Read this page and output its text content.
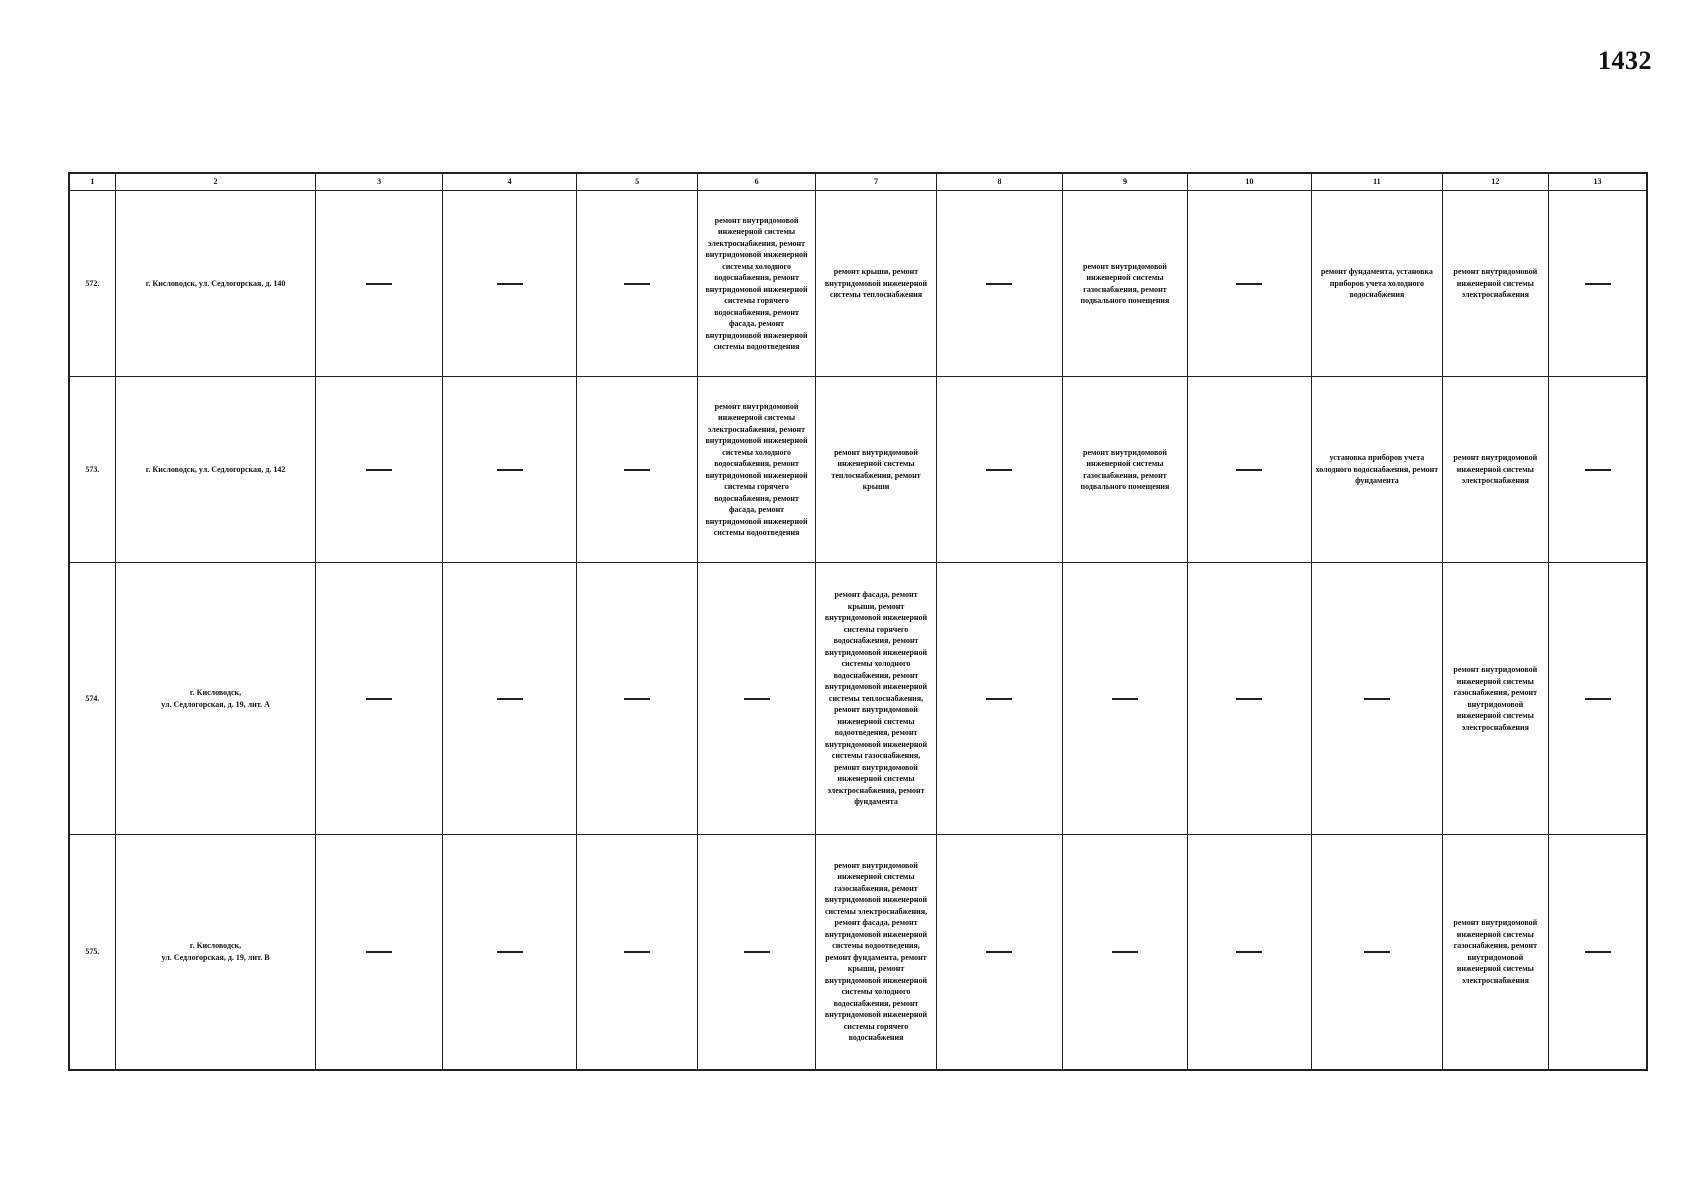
1432
1	2	3	4	5	6	7	8	9	10	11	12	13
572.	г. Кисловодск, ул. Седлогорская, д. 140				ремонт внутридомовой инженерной системы электроснабжения, ремонт внутридомовой инженерной системы холодного водоснабжения, ремонт внутридомовой инженерной системы горячего водоснабжения, ремонт фасада, ремонт внутридомовой инженерной системы водоотведения	ремонт крыши, ремонт внутридомовой инженерной системы теплоснабжения		ремонт внутридомовой инженерной системы газоснабжения, ремонт подвального помещения		ремонт фундамента, установка приборов учета холодного водоснабжения	ремонт внутридомовой инженерной системы электроснабжения	
573.	г. Кисловодск, ул. Седлогорская, д. 142				ремонт внутридомовой инженерной системы электроснабжения, ремонт внутридомовой инженерной системы холодного водоснабжения, ремонт внутридомовой инженерной системы горячего водоснабжения, ремонт фасада, ремонт внутридомовой инженерной системы водоотведения	ремонт внутридомовой инженерной системы теплоснабжения, ремонт крыши		ремонт внутридомовой инженерной системы газоснабжения, ремонт подвального помещения		установка приборов учета холодного водоснабжения, ремонт фундамента	ремонт внутридомовой инженерной системы электроснабжения	
574.	г. Кисловодск,
ул. Седлогорская, д. 19, лит. А					ремонт фасада, ремонт крыши, ремонт внутридомовой инженерной системы горячего водоснабжения, ремонт внутридомовой инженерной системы холодного водоснабжения, ремонт внутридомовой инженерной системы теплоснабжения, ремонт внутридомовой инженерной системы водоотведения, ремонт внутридомовой инженерной системы газоснабжения, ремонт внутридомовой инженерной системы электроснабжения, ремонт фундамента					ремонт внутридомовой инженерной системы газоснабжения, ремонт внутридомовой инженерной системы электроснабжения	
575.	г. Кисловодск,
ул. Седлогорская, д. 19, лит. В					ремонт внутридомовой инженерной системы газоснабжения, ремонт внутридомовой инженерной системы электроснабжения, ремонт фасада, ремонт внутридомовой инженерной системы водоотведения, ремонт фундамента, ремонт крыши, ремонт внутридомовой инженерной системы холодного водоснабжения, ремонт внутридомовой инженерной системы горячего водоснабжения					ремонт внутридомовой инженерной системы газоснабжения, ремонт внутридомовой инженерной системы электроснабжения	
